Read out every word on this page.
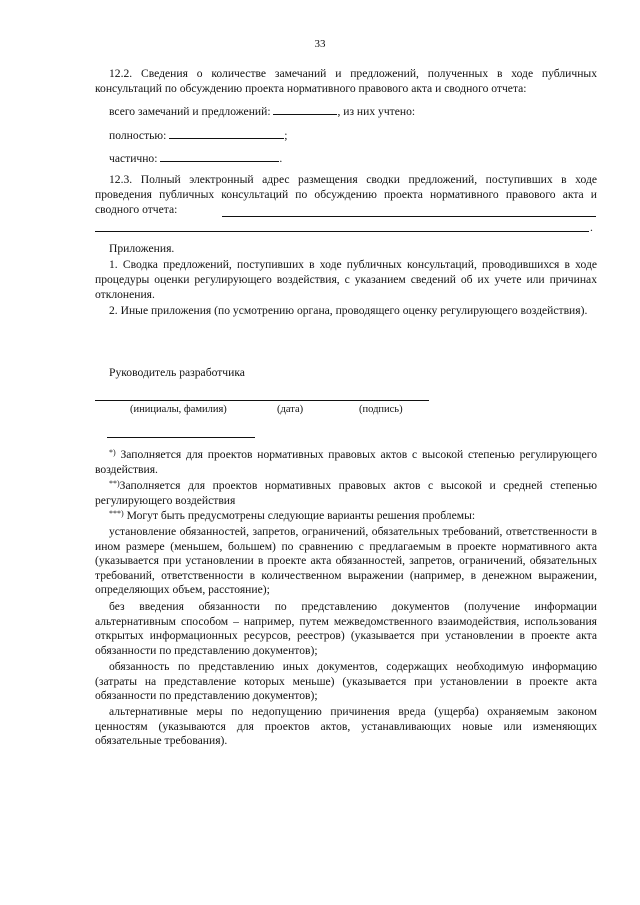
33

12.2. Сведения о количестве замечаний и предложений, полученных в ходе публичных консультаций по обсуждению проекта нормативного правового акта и сводного отчета:

всего замечаний и предложений:	, из них учтено:
полностью:	;
частично:	.

12.3. Полный электронный адрес размещения сводки предложений, поступивших в ходе проведения публичных консультаций по обсуждению проекта нормативного правового акта и сводного отчета:

.
Приложения.

1. Сводка предложений, поступивших в ходе публичных консультаций, проводившихся в ходе процедуры оценки регулирующего воздействия, с указанием сведений об их учете или причинах отклонения.

2. Иные приложения (по усмотрению органа, проводящего оценку регулирующего воздействия).

Руководитель разработчика
(инициалы, фамилия)	(дата)	(подпись)

*) Заполняется для проектов нормативных правовых актов с высокой степенью регулирующего воздействия.

**)Заполняется для проектов нормативных правовых актов с высокой и средней степенью регулирующего воздействия

***) Могут быть предусмотрены следующие варианты решения проблемы:

установление обязанностей, запретов, ограничений, обязательных требований, ответственности в ином размере (меньшем, большем) по сравнению с предлагаемым в проекте нормативного акта (указывается при установлении в проекте акта обязанностей, запретов, ограничений, обязательных требований, ответственности в количественном выражении (например, в денежном выражении, определяющих объем, расстояние);

без введения обязанности по представлению документов (получение информации альтернативным способом – например, путем межведомственного взаимодействия, использования открытых информационных ресурсов, реестров) (указывается при установлении в проекте акта обязанности по представлению документов);

обязанность по представлению иных документов, содержащих необходимую информацию (затраты на представление которых меньше) (указывается при установлении в проекте акта обязанности по представлению документов);

альтернативные меры по недопущению причинения вреда (ущерба) охраняемым законом ценностям (указываются для проектов актов, устанавливающих новые или изменяющих обязательные требования).
